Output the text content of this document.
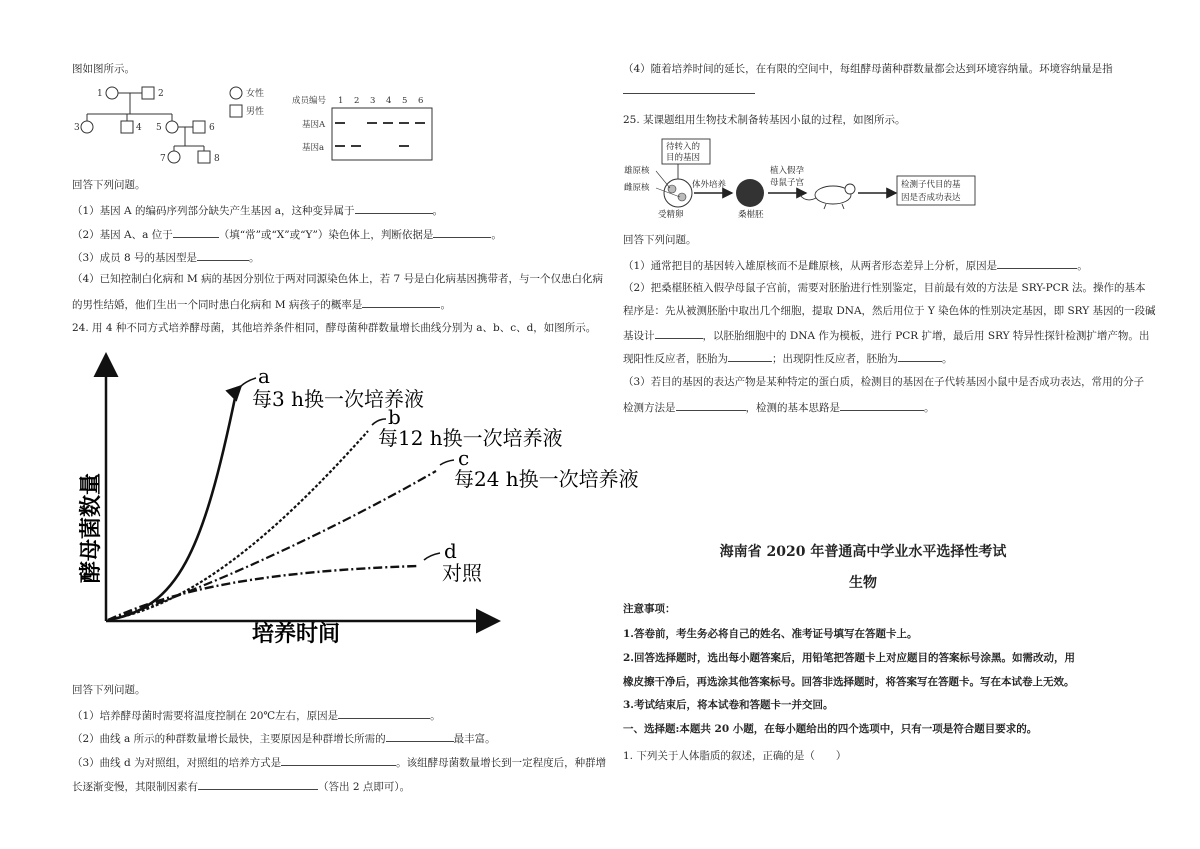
图如图所示。
1	2
3	4 5	6
7	8
女性
男性
成员编号 1 2 3 4 5 6
基因A
基因a
回答下列问题。
（1）基因 A 的编码序列部分缺失产生基因 a，这种变异属于	。
（2）基因 A、a 位于	（填“常”或“X”或“Y”）染色体上，判断依据是	。
（3）成员 8 号的基因型是	。
（4）已知控制白化病和 M 病的基因分别位于两对同源染色体上，若 7 号是白化病基因携带者，与一个仅患白化病
的男性结婚，他们生出一个同时患白化病和 M 病孩子的概率是	。
24. 用 4 种不同方式培养酵母菌，其他培养条件相同，酵母菌种群数量增长曲线分别为 a、b、c、d，如图所示。
酵母菌数量
培养时间
a
每3 h换一次培养液
b
每12 h换一次培养液
c
每24 h换一次培养液
d
对照
回答下列问题。
（1）培养酵母菌时需要将温度控制在 20℃左右，原因是	。
（2）曲线 a 所示的种群数量增长最快，主要原因是种群增长所需的	最丰富。
（3）曲线 d 为对照组，对照组的培养方式是	。该组酵母菌数量增长到一定程度后，种群增
长逐渐变慢，其限制因素有	（答出 2 点即可）。
（4）随着培养时间的延长，在有限的空间中，每组酵母菌种群数量都会达到环境容纳量。环境容纳量是指
25. 某课题组用生物技术制备转基因小鼠的过程，如图所示。
雄原核
雌原核
待转入的
目的基因
受精卵
体外培养
桑椹胚
植入假孕
母鼠子宫	检测子代目的基
因是否成功表达
回答下列问题。
（1）通常把目的基因转入雄原核而不是雌原核，从两者形态差异上分析，原因是	。
（2）把桑椹胚植入假孕母鼠子宫前，需要对胚胎进行性别鉴定，目前最有效的方法是 SRY-PCR 法。操作的基本
程序是：先从被测胚胎中取出几个细胞，提取 DNA，然后用位于 Y 染色体的性别决定基因，即 SRY 基因的一段碱
基设计	，以胚胎细胞中的 DNA 作为模板，进行 PCR 扩增，最后用 SRY 特异性探针检测扩增产物。出
现阳性反应者，胚胎为	；出现阴性反应者，胚胎为	。
（3）若目的基因的表达产物是某种特定的蛋白质，检测目的基因在子代转基因小鼠中是否成功表达，常用的分子
检测方法是	，检测的基本思路是	。
海南省 2020 年普通高中学业水平选择性考试
生物
注意事项：
1.答卷前，考生务必将自己的姓名、准考证号填写在答题卡上。
2.回答选择题时，选出每小题答案后，用铅笔把答题卡上对应题目的答案标号涂黑。如需改动，用
橡皮擦干净后，再选涂其他答案标号。回答非选择题时，将答案写在答题卡。写在本试卷上无效。
3.考试结束后，将本试卷和答题卡一并交回。
一、选择题:本题共 20 小题，在每小题给出的四个选项中，只有一项是符合题目要求的。
1. 下列关于人体脂质的叙述，正确的是（　　）
